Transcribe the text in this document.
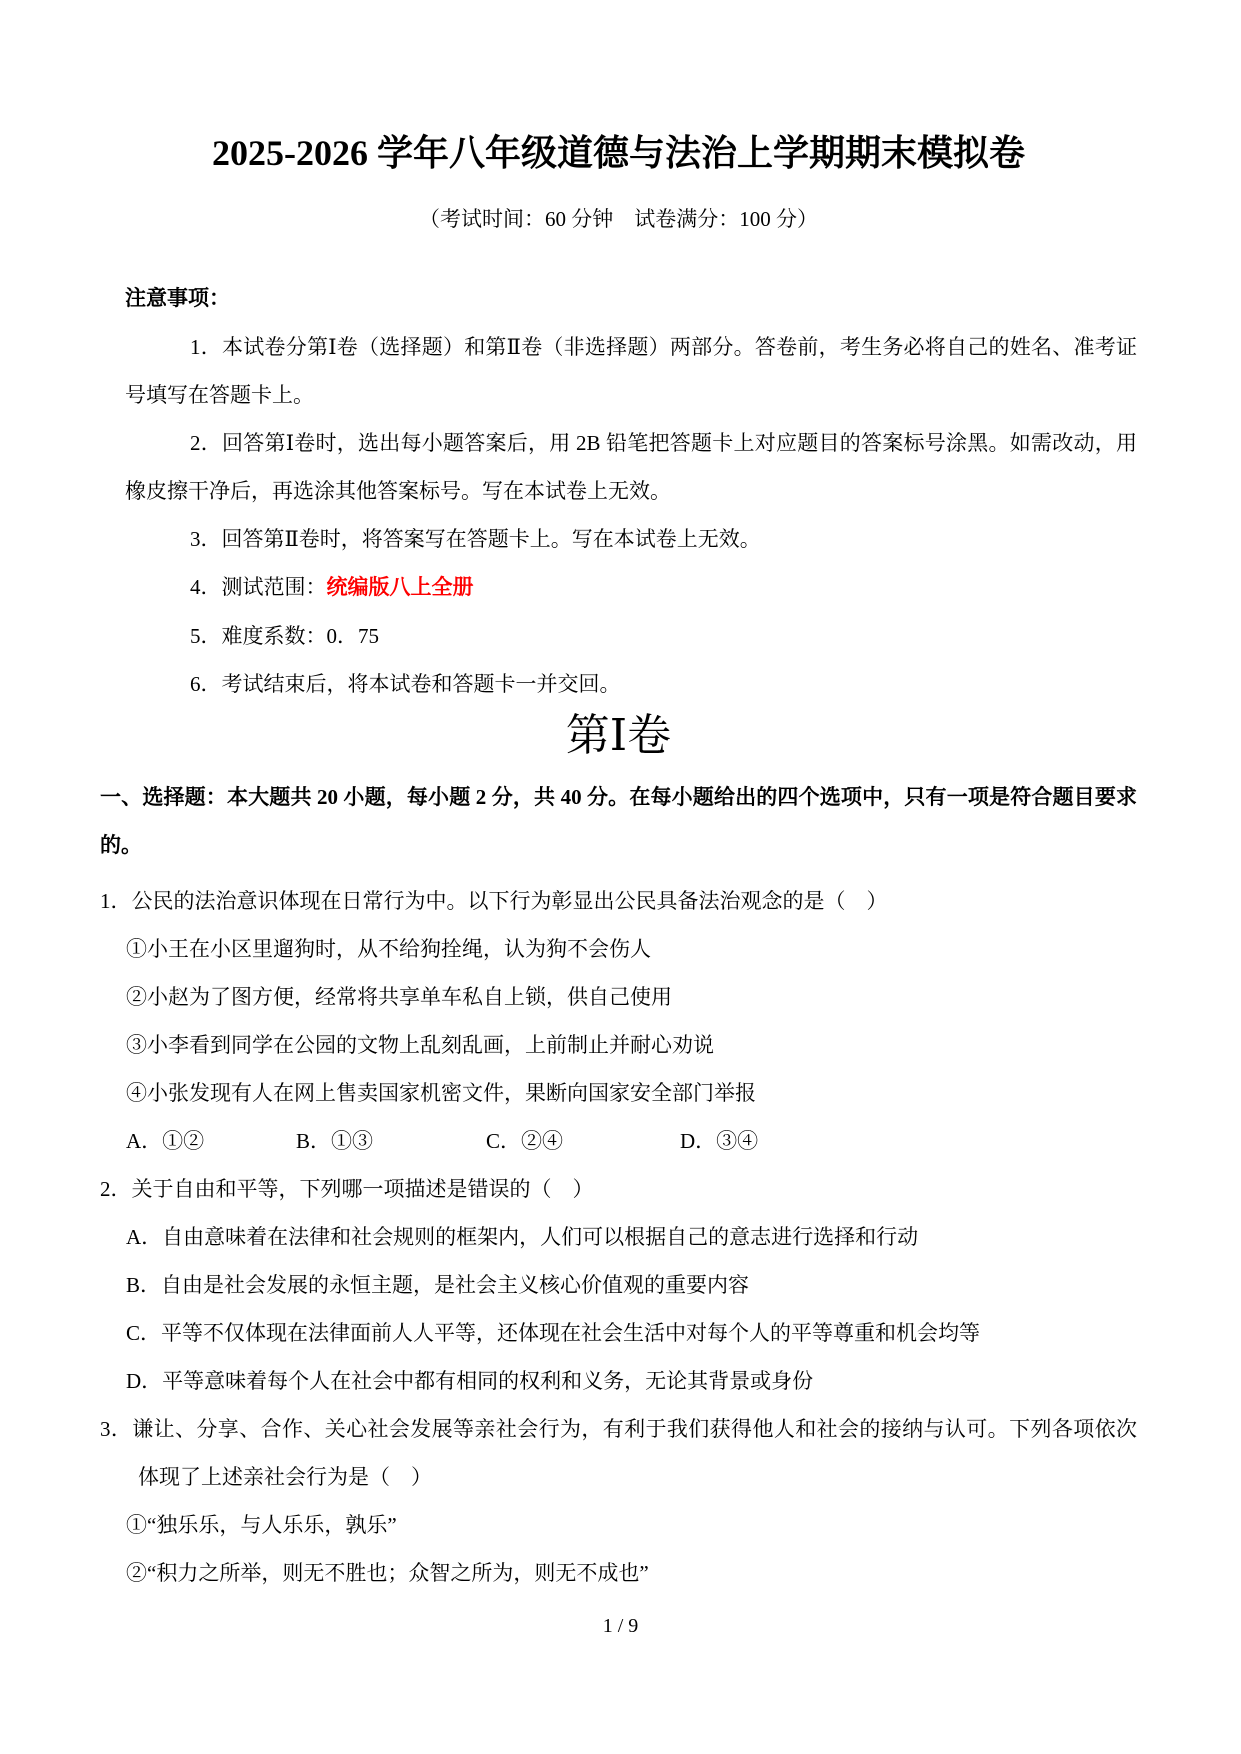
2025-2026 学年八年级道德与法治上学期期末模拟卷

（考试时间：60 分钟　试卷满分：100 分）

注意事项：

1．本试卷分第Ⅰ卷（选择题）和第Ⅱ卷（非选择题）两部分。答卷前，考生务必将自己的姓名、准考证号填写在答题卡上。

2．回答第Ⅰ卷时，选出每小题答案后，用 2B 铅笔把答题卡上对应题目的答案标号涂黑。如需改动，用橡皮擦干净后，再选涂其他答案标号。写在本试卷上无效。

3．回答第Ⅱ卷时，将答案写在答题卡上。写在本试卷上无效。

4．测试范围：统编版八上全册

5．难度系数：0．75

6．考试结束后，将本试卷和答题卡一并交回。

第Ⅰ卷

一、选择题：本大题共 20 小题，每小题 2 分，共 40 分。在每小题给出的四个选项中，只有一项是符合题目要求的。

1．公民的法治意识体现在日常行为中。以下行为彰显出公民具备法治观念的是（　）

①小王在小区里遛狗时，从不给狗拴绳，认为狗不会伤人

②小赵为了图方便，经常将共享单车私自上锁，供自己使用

③小李看到同学在公园的文物上乱刻乱画，上前制止并耐心劝说

④小张发现有人在网上售卖国家机密文件，果断向国家安全部门举报

A．①②	B．①③	C．②④	D．③④

2．关于自由和平等，下列哪一项描述是错误的（　）

A．自由意味着在法律和社会规则的框架内，人们可以根据自己的意志进行选择和行动

B．自由是社会发展的永恒主题，是社会主义核心价值观的重要内容

C．平等不仅体现在法律面前人人平等，还体现在社会生活中对每个人的平等尊重和机会均等

D．平等意味着每个人在社会中都有相同的权利和义务，无论其背景或身份

3．谦让、分享、合作、关心社会发展等亲社会行为，有利于我们获得他人和社会的接纳与认可。下列各项依次体现了上述亲社会行为是（　）

①“独乐乐，与人乐乐，孰乐”

②“积力之所举，则无不胜也；众智之所为，则无不成也”

1 / 9
